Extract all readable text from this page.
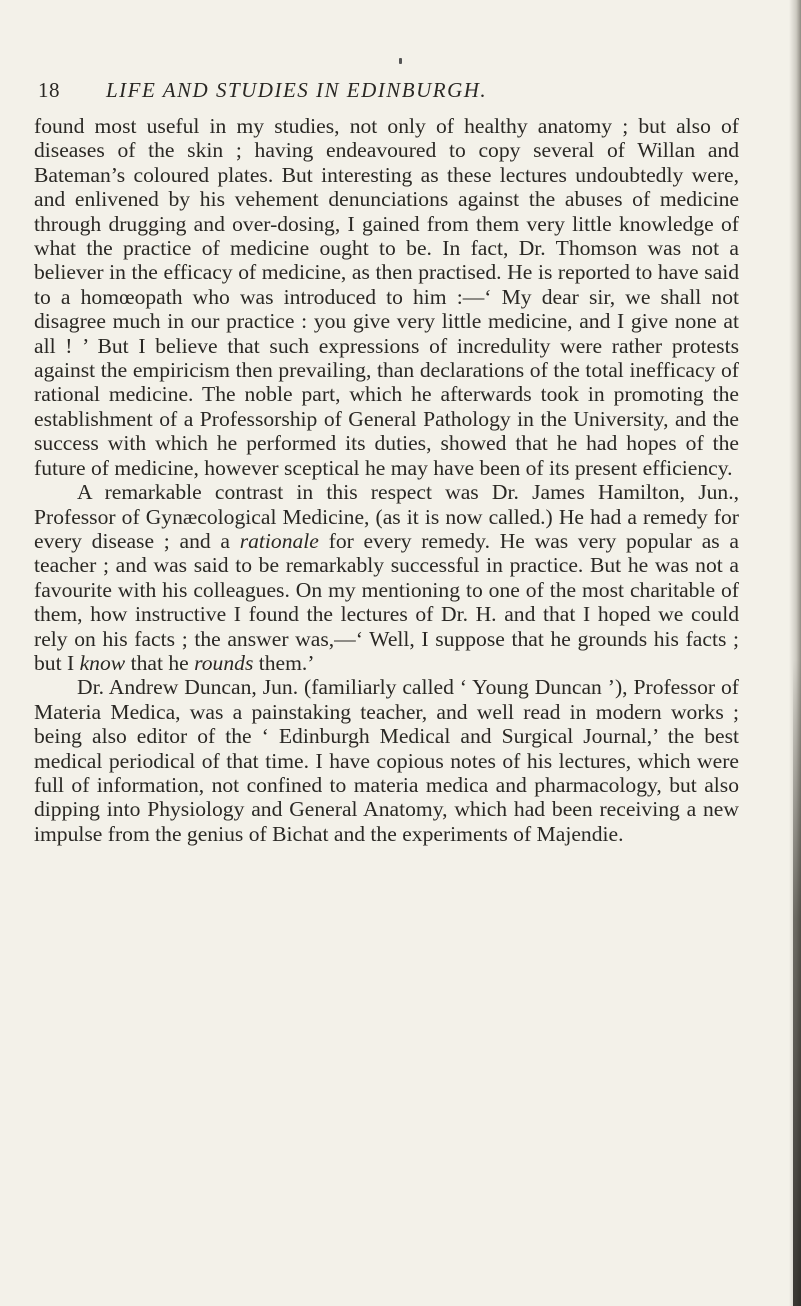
18 LIFE AND STUDIES IN EDINBURGH.

found most useful in my studies, not only of healthy anatomy ; but also of diseases of the skin ; having endeavoured to copy several of Willan and Bateman’s coloured plates. But interesting as these lectures undoubtedly were, and enlivened by his vehement denunciations against the abuses of medicine through drugging and over-dosing, I gained from them very little knowledge of what the practice of medicine ought to be. In fact, Dr. Thomson was not a believer in the efficacy of medicine, as then practised. He is reported to have said to a homœopath who was introduced to him :—‘ My dear sir, we shall not disagree much in our practice : you give very little medicine, and I give none at all ! ’ But I believe that such expressions of incredulity were rather protests against the empiricism then prevailing, than declarations of the total inefficacy of rational medicine. The noble part, which he afterwards took in promoting the establishment of a Professorship of General Pathology in the University, and the success with which he performed its duties, showed that he had hopes of the future of medicine, however sceptical he may have been of its present efficiency.

A remarkable contrast in this respect was Dr. James Hamilton, Jun., Professor of Gynæcological Medicine, (as it is now called.) He had a remedy for every disease ; and a rationale for every remedy. He was very popular as a teacher ; and was said to be remarkably successful in practice. But he was not a favourite with his colleagues. On my mentioning to one of the most charitable of them, how instructive I found the lectures of Dr. H. and that I hoped we could rely on his facts ; the answer was,—‘ Well, I suppose that he grounds his facts ; but I know that he rounds them.’

Dr. Andrew Duncan, Jun. (familiarly called ‘ Young Duncan ’), Professor of Materia Medica, was a painstaking teacher, and well read in modern works ; being also editor of the ‘ Edinburgh Medical and Surgical Journal,’ the best medical periodical of that time. I have copious notes of his lectures, which were full of information, not confined to materia medica and pharmacology, but also dipping into Physiology and General Anatomy, which had been receiving a new impulse from the genius of Bichat and the experiments of Majendie.
